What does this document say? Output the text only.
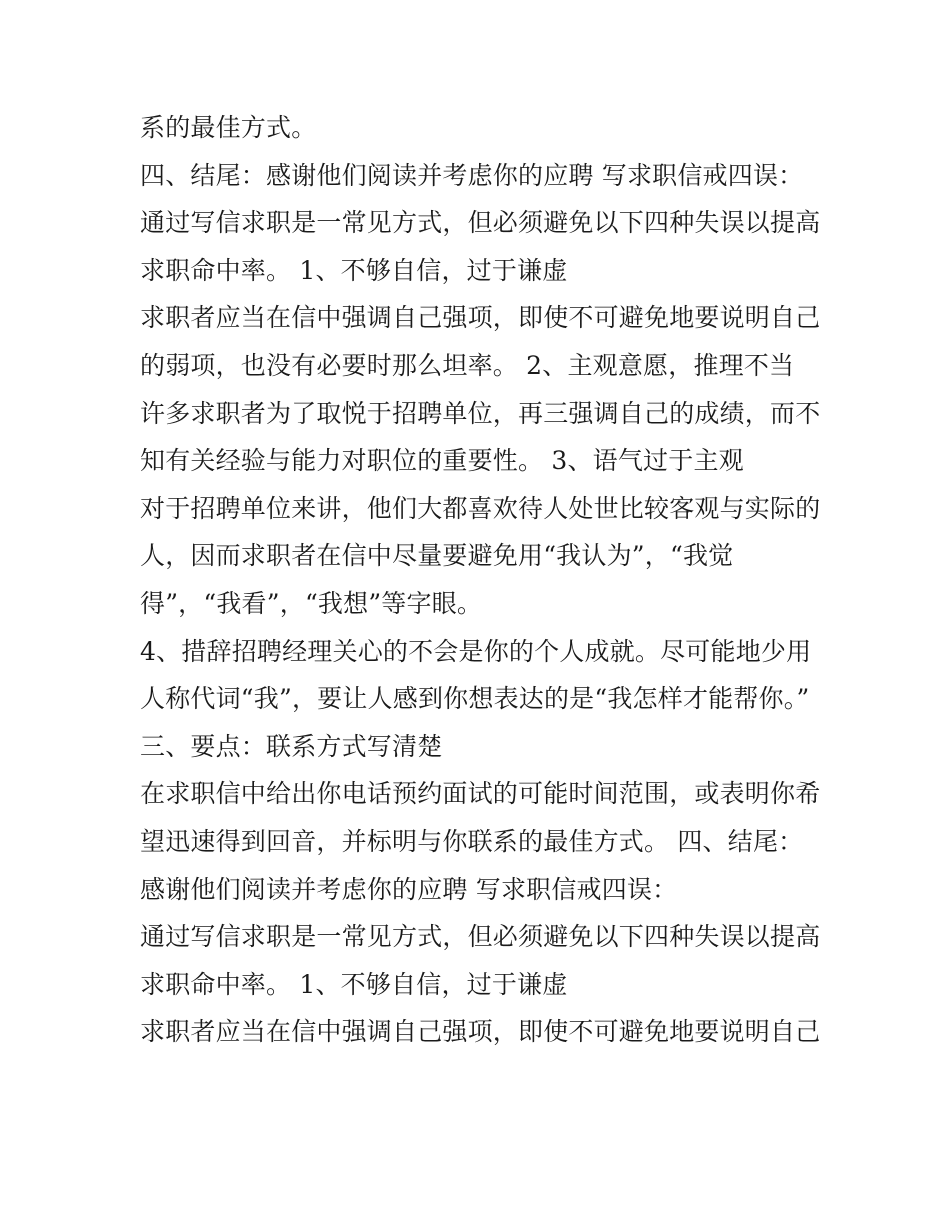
系的最佳方式。
四、结尾：感谢他们阅读并考虑你的应聘 写求职信戒四误：
通过写信求职是一常见方式，但必须避免以下四种失误以提高
求职命中率。 1、不够自信，过于谦虚
求职者应当在信中强调自己强项，即使不可避免地要说明自己
的弱项，也没有必要时那么坦率。 2、主观意愿，推理不当
许多求职者为了取悦于招聘单位，再三强调自己的成绩，而不
知有关经验与能力对职位的重要性。 3、语气过于主观
对于招聘单位来讲，他们大都喜欢待人处世比较客观与实际的
人，因而求职者在信中尽量要避免用“我认为”，“我觉
得”，“我看”，“我想”等字眼。
4、措辞招聘经理关心的不会是你的个人成就。尽可能地少用
人称代词“我”，要让人感到你想表达的是“我怎样才能帮你。”
三、要点：联系方式写清楚
在求职信中给出你电话预约面试的可能时间范围，或表明你希
望迅速得到回音，并标明与你联系的最佳方式。 四、结尾：
感谢他们阅读并考虑你的应聘 写求职信戒四误：
通过写信求职是一常见方式，但必须避免以下四种失误以提高
求职命中率。 1、不够自信，过于谦虚
求职者应当在信中强调自己强项，即使不可避免地要说明自己
